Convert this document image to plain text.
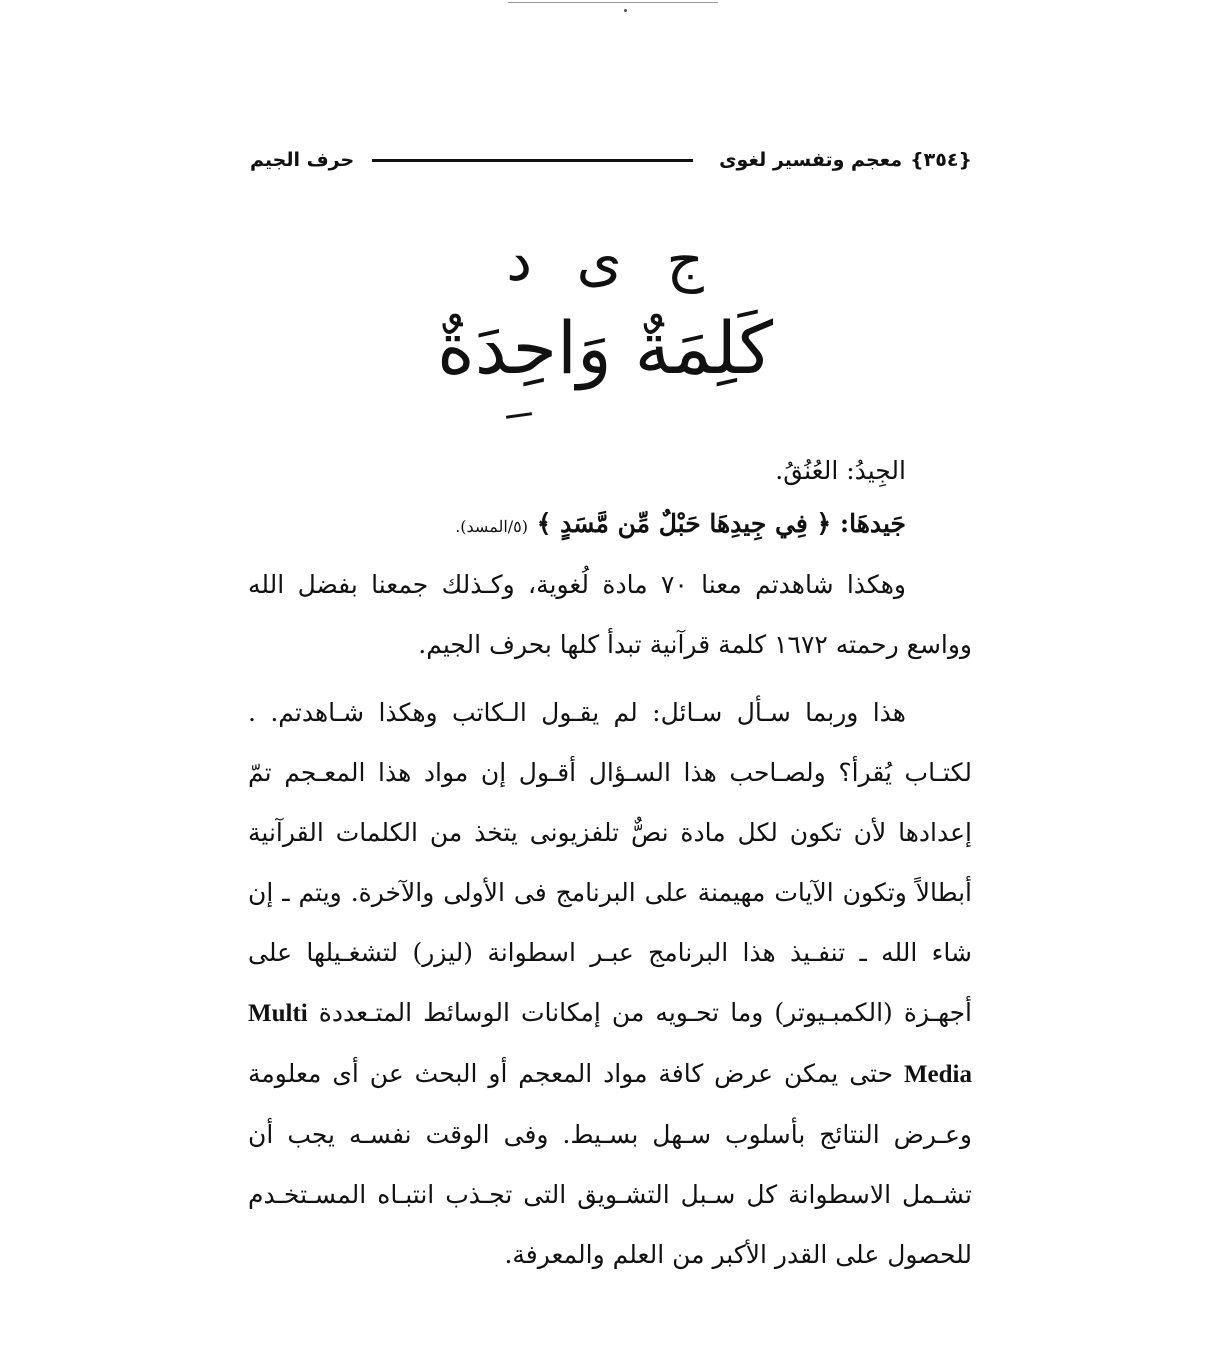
{٣٥٤}
معجم وتفسير لغوى
حرف الجيم
ج ى د
كَلِمَةٌ وَاحِدَةٌ

الجِيدُ: العُنُقُ.

جَيدهَا: ﴿ فِي جِيدِهَا حَبْلٌ مِّن مَّسَدٍ ﴾ (٥/المسد).

وهكذا شاهدتم معنا ٧٠ مادة لُغوية، وكـذلك جمعنا بفضل الله وواسع رحمته ١٦٧٢ كلمة قرآنية تبدأ كلها بحرف الجيم.

هذا وربما سـأل سـائل: لم يقـول الـكاتب وهكذا شـاهدتم. . لكتـاب يُقرأ؟ ولصـاحب هذا السـؤال أقـول إن مواد هذا المعـجم تمّ إعدادها لأن تكون لكل مادة نصٌّ تلفزيونى يتخذ من الكلمات القرآنية أبطالاً وتكون الآيات مهيمنة على البرنامج فى الأولى والآخرة. ويتم ـ إن شاء الله ـ تنفـيذ هذا البرنامج عبـر اسطوانة (ليزر) لتشغـيلها على أجهـزة (الكمبـيوتر) وما تحـويه من إمكانات الوسائط المتـعددة Multi Media حتى يمكن عرض كافة مواد المعجم أو البحث عن أى معلومة وعـرض النتائج بأسلوب سـهل بسـيط. وفى الوقت نفسـه يجب أن تشـمل الاسطوانة كل سـبل التشـويق التى تجـذب انتبـاه المسـتخـدم للحصول على القدر الأكبر من العلم والمعرفة.
